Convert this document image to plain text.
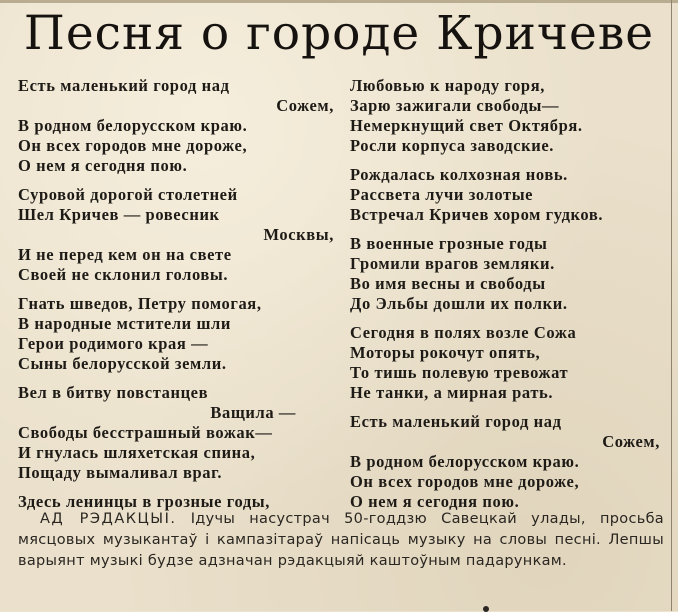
Песня о городе Кричеве
Есть маленький город над
Сожем,
В родном белорусском краю.
Он всех городов мне дороже,
О нем я сегодня пою.
Суровой дорогой столетней
Шел Кричев — ровесник
Москвы,
И не перед кем он на свете
Своей не склонил головы.
Гнать шведов, Петру помогая,
В народные мстители шли
Герои родимого края —
Сыны белорусской земли.
Вел в битву повстанцев
Ващила —
Свободы бесстрашный вожак—
И гнулась шляхетская спина,
Пощаду вымаливал враг.
Здесь ленинцы в грозные годы,
Любовью к народу горя,
Зарю зажигали свободы—
Немеркнущий свет Октября.
Росли корпуса заводские.
Рождалась колхозная новь.
Рассвета лучи золотые
Встречал Кричев хором гудков.
В военные грозные годы
Громили врагов земляки.
Во имя весны и свободы
До Эльбы дошли их полки.
Сегодня в полях возле Сожа
Моторы рокочут опять,
То тишь полевую тревожат
Не танки, а мирная рать.
Есть маленький город над
Сожем,
В родном белорусском краю.
Он всех городов мне дороже,
О нем я сегодня пою.
АД РЭДАКЦЫІ. Ідучы насустрач 50-годдзю Савецкай улады, просьба мясцовых музыкантаў і кампазітараў напісаць музыку на словы песні. Лепшы варыянт музыкі будзе адзначан рэдакцыяй каштоўным падарункам.
